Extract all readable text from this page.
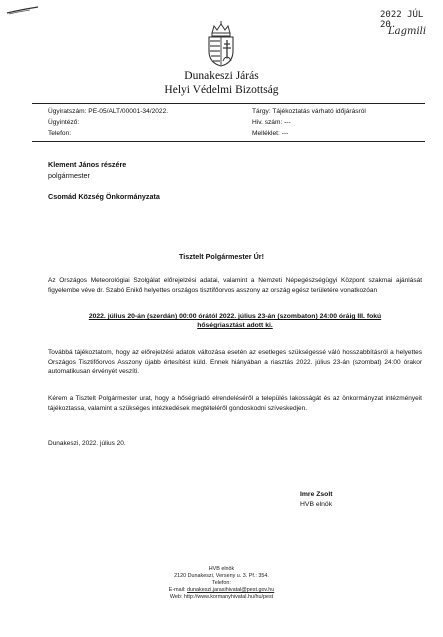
2022 JÚL 20.
Lagmili
Dunakeszi Járás
Helyi Védelmi Bizottság
Ügyiratszám: PE-05/ALT/00001-34/2022.
Ügyintéző:
Telefon:
Tárgy: Tájékoztatás várható időjárásról
Hiv. szám: ---
Melléklet: ---
Klement János részére
polgármester
Csomád Község Önkormányzata
Tisztelt Polgármester Úr!
Az Országos Meteorológiai Szolgálat előrejelzési adatai, valamint a Nemzeti Népegészségügyi Központ szakmai ajánlását figyelembe véve dr. Szabó Enikő helyettes országos tisztifőorvos asszony az ország egész területére vonatkozóan
2022. július 20-án (szerdán) 00:00 órától 2022. július 23-án (szombaton) 24:00 óráig III. fokú
hőségriasztást adott ki.
Továbbá tájékoztatom, hogy az előrejelzési adatok változása esetén az esetleges szükségessé váló hosszabbításról a helyettes Országos Tisztifőorvos Asszony újabb értesítést küld. Ennek hiányában a riasztás 2022. július 23-án (szombat) 24:00 órakor automatikusan érvényét veszíti.
Kérem a Tisztelt Polgármester urat, hogy a hőségriadó elrendeléséről a település lakosságát és az önkormányzat intézményeit tájékoztassa, valamint a szükséges intézkedések megtételéről gondoskodni szíveskedjen.
Dunakeszi, 2022. július 20.
Imre Zsolt
HVB elnök
HVB elnök
2120 Dunakeszi, Verseny u. 3. Pf.: 354.
Telefon:
E-mail: dunakeszi.jarasihivatal@pest.gov.hu
Web: http://www.kormanyhivatal.hu/hu/pest
